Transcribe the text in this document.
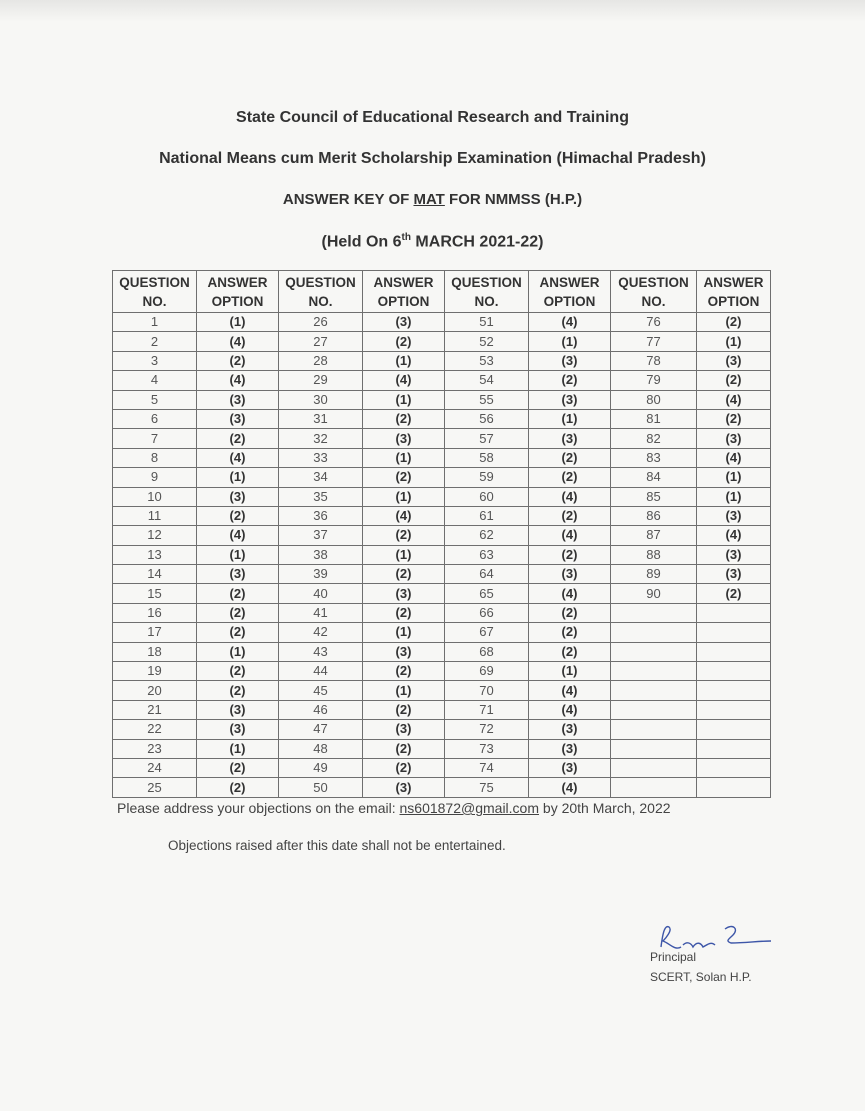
State Council of Educational Research and Training
National Means cum Merit Scholarship Examination (Himachal Pradesh)
ANSWER KEY OF MAT FOR NMMSS (H.P.)
(Held On 6th MARCH 2021-22)
QUESTION NO.	ANSWER OPTION	QUESTION NO.	ANSWER OPTION	QUESTION NO.	ANSWER OPTION	QUESTION NO.	ANSWER OPTION
1	(1)	26	(3)	51	(4)	76	(2)
2	(4)	27	(2)	52	(1)	77	(1)
3	(2)	28	(1)	53	(3)	78	(3)
4	(4)	29	(4)	54	(2)	79	(2)
5	(3)	30	(1)	55	(3)	80	(4)
6	(3)	31	(2)	56	(1)	81	(2)
7	(2)	32	(3)	57	(3)	82	(3)
8	(4)	33	(1)	58	(2)	83	(4)
9	(1)	34	(2)	59	(2)	84	(1)
10	(3)	35	(1)	60	(4)	85	(1)
11	(2)	36	(4)	61	(2)	86	(3)
12	(4)	37	(2)	62	(4)	87	(4)
13	(1)	38	(1)	63	(2)	88	(3)
14	(3)	39	(2)	64	(3)	89	(3)
15	(2)	40	(3)	65	(4)	90	(2)
16	(2)	41	(2)	66	(2)		
17	(2)	42	(1)	67	(2)		
18	(1)	43	(3)	68	(2)		
19	(2)	44	(2)	69	(1)		
20	(2)	45	(1)	70	(4)		
21	(3)	46	(2)	71	(4)		
22	(3)	47	(3)	72	(3)		
23	(1)	48	(2)	73	(3)		
24	(2)	49	(2)	74	(3)		
25	(2)	50	(3)	75	(4)		
Please address your objections on the email: ns601872@gmail.com by 20th March, 2022
Objections raised after this date shall not be entertained.
Principal
SCERT, Solan H.P.
